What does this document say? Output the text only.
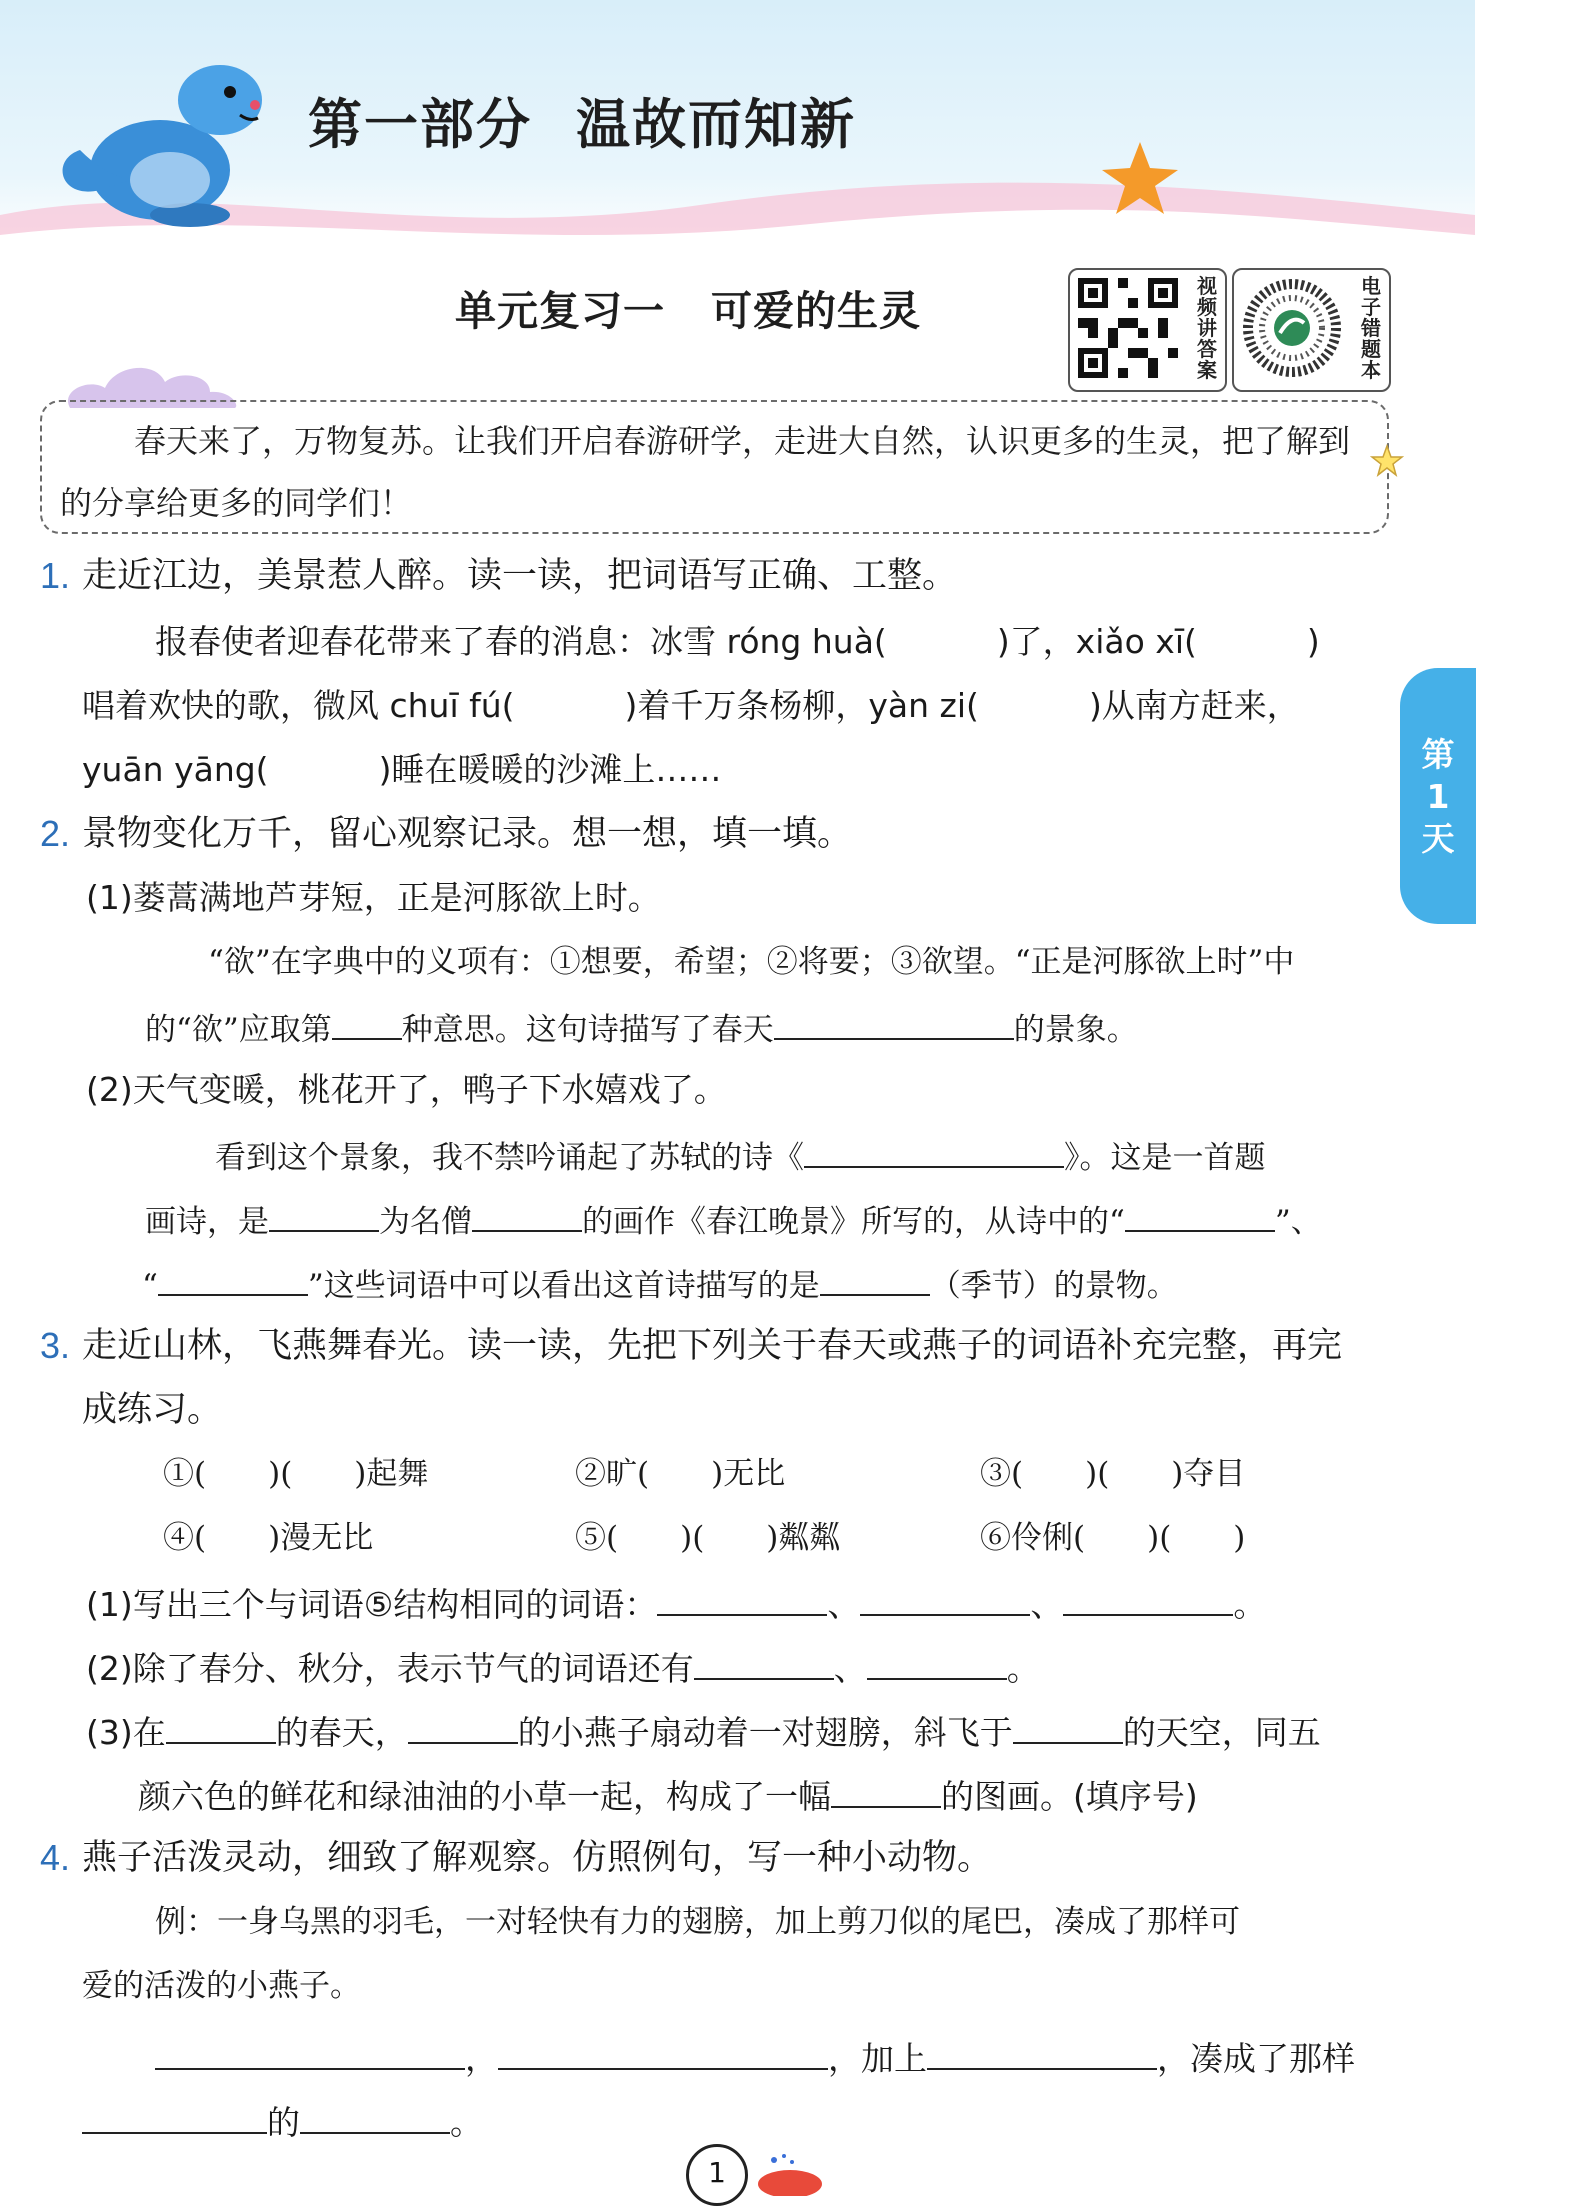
第一部分 温故而知新
单元复习一 可爱的生灵
视频讲答案
电子错题本
春天来了，万物复苏。让我们开启春游研学，走进大自然，认识更多的生灵，把了解到的分享给更多的同学们！
第1天
1. 走近江边，美景惹人醉。读一读，把词语写正确、工整。
报春使者迎春花带来了春的消息：冰雪 róng huà(	)了，xiǎo xī(	)
唱着欢快的歌，微风 chuī fú(	)着千万条杨柳，yàn zi(	)从南方赶来，
yuān yāng(	)睡在暖暖的沙滩上……
2. 景物变化万千，留心观察记录。想一想，填一填。
(1)蒌蒿满地芦芽短，正是河豚欲上时。
“欲”在字典中的义项有：①想要，希望；②将要；③欲望。“正是河豚欲上时”中
的“欲”应取第 种意思。这句诗描写了春天	的景象。
(2)天气变暖，桃花开了，鸭子下水嬉戏了。
看到这个景象，我不禁吟诵起了苏轼的诗《	》。这是一首题
画诗，是	为名僧	的画作《春江晚景》所写的，从诗中的“	”、
“	”这些词语中可以看出这首诗描写的是	（季节）的景物。
3. 走近山林，飞燕舞春光。读一读，先把下列关于春天或燕子的词语补充完整，再完
成练习。
①(　　)(　　)起舞	②旷(　　)无比	③(　　)(　　)夺目
④(　　)漫无比	⑤(　　)(　　)粼粼	⑥伶俐(　　)(　　)
(1)写出三个与词语⑤结构相同的词语：	、	、	。
(2)除了春分、秋分，表示节气的词语还有	、	。
(3)在	的春天，	的小燕子扇动着一对翅膀，斜飞于	的天空，同五
颜六色的鲜花和绿油油的小草一起，构成了一幅	的图画。(填序号)
4. 燕子活泼灵动，细致了解观察。仿照例句，写一种小动物。
例：一身乌黑的羽毛，一对轻快有力的翅膀，加上剪刀似的尾巴，凑成了那样可
爱的活泼的小燕子。
，	，加上	，凑成了那样
的	。
1
